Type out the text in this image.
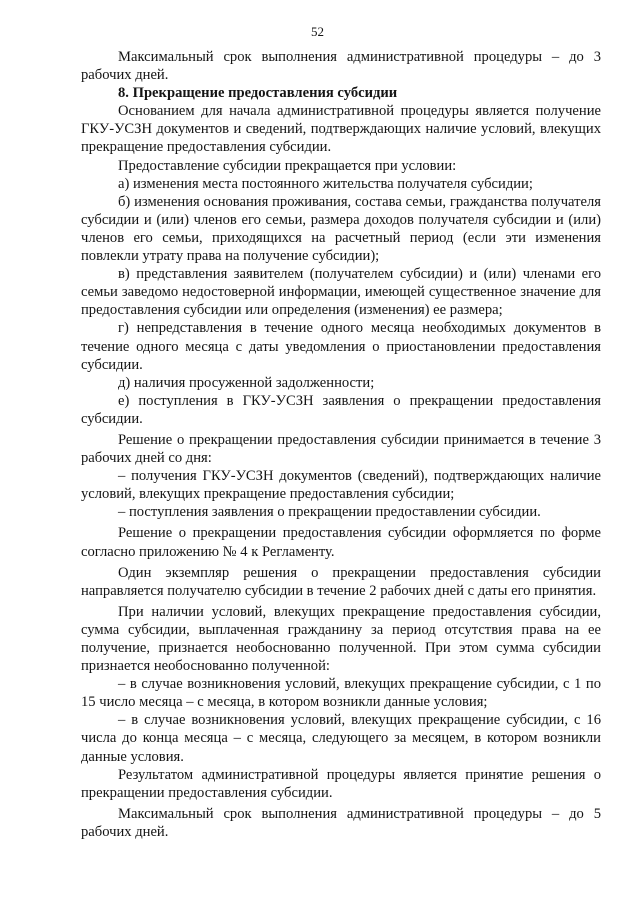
52

Максимальный срок выполнения административной процедуры – до 3 рабочих дней.

8. Прекращение предоставления субсидии

Основанием для начала административной процедуры является получение ГКУ-УСЗН документов и сведений, подтверждающих наличие условий, влекущих прекращение предоставления субсидии.

Предоставление субсидии прекращается при условии:

а) изменения места постоянного жительства получателя субсидии;

б) изменения основания проживания, состава семьи, гражданства получателя субсидии и (или) членов его семьи, размера доходов получателя субсидии и (или) членов его семьи, приходящихся на расчетный период (если эти изменения повлекли утрату права на получение субсидии);

в) представления заявителем (получателем субсидии) и (или) членами его семьи заведомо недостоверной информации, имеющей существенное значение для предоставления субсидии или определения (изменения) ее размера;

г) непредставления в течение одного месяца необходимых документов в течение одного месяца с даты уведомления о приостановлении предоставления субсидии.

д) наличия просуженной задолженности;

е) поступления в ГКУ-УСЗН заявления о прекращении предоставления субсидии.

Решение о прекращении предоставления субсидии принимается в течение 3 рабочих дней со дня:

– получения ГКУ-УСЗН документов (сведений), подтверждающих наличие условий, влекущих прекращение предоставления субсидии;

– поступления заявления о прекращении предоставлении субсидии.

Решение о прекращении предоставления субсидии оформляется по форме согласно приложению № 4 к Регламенту.

Один экземпляр решения о прекращении предоставления субсидии направляется получателю субсидии в течение 2 рабочих дней с даты его принятия.

При наличии условий, влекущих прекращение предоставления субсидии, сумма субсидии, выплаченная гражданину за период отсутствия права на ее получение, признается необоснованно полученной. При этом сумма субсидии признается необоснованно полученной:

– в случае возникновения условий, влекущих прекращение субсидии, с 1 по 15 число месяца – с месяца, в котором возникли данные условия;

– в случае возникновения условий, влекущих прекращение субсидии, с 16 числа до конца месяца – с месяца, следующего за месяцем, в котором возникли данные условия.

Результатом административной процедуры является принятие решения о прекращении предоставления субсидии.

Максимальный срок выполнения административной процедуры – до 5 рабочих дней.
